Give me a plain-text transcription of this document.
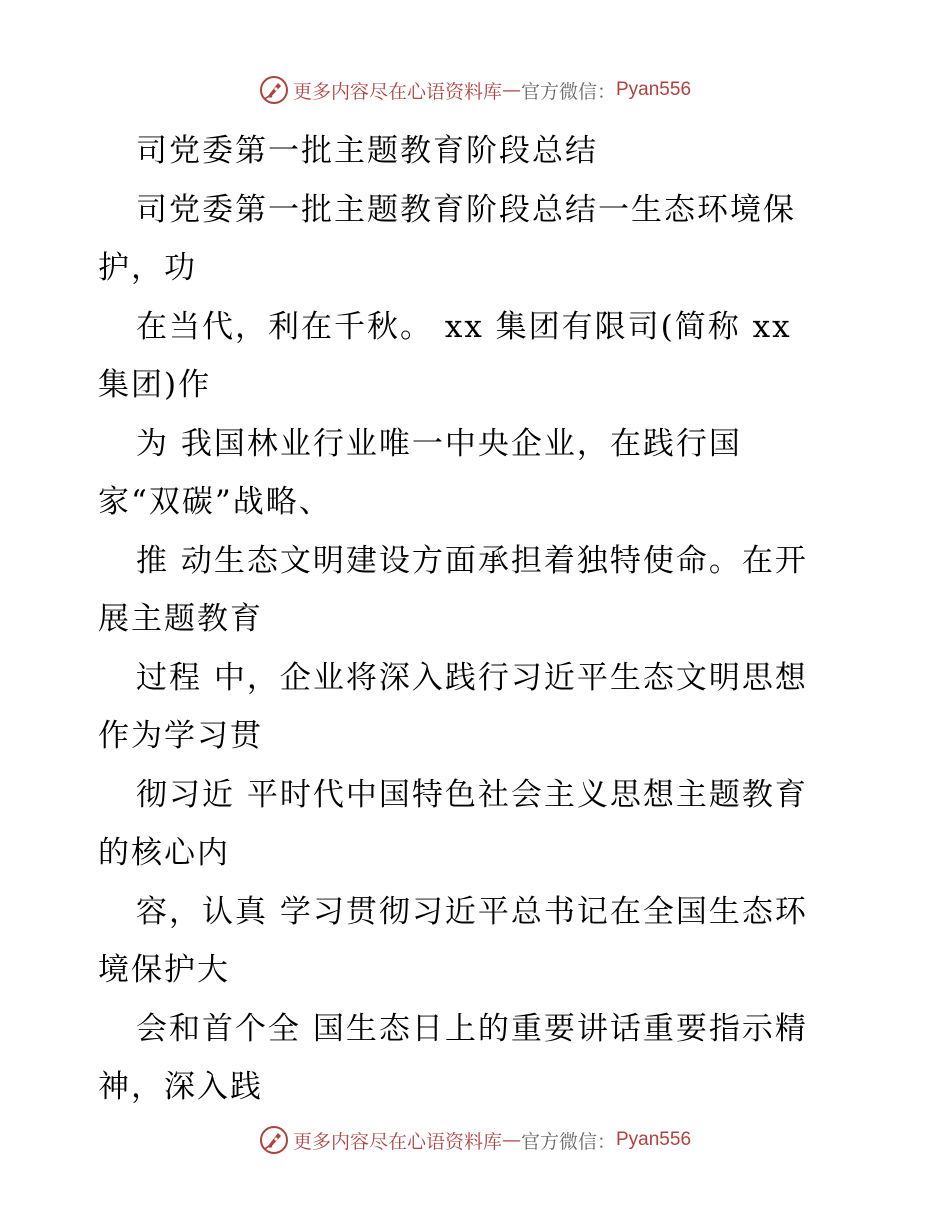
更多内容尽在心语资料库 — 官方微信： Pyan556
司党委第一批主题教育阶段总结
司党委第一批主题教育阶段总结一生态环境保
护，功
在当代，利在千秋。 xx 集团有限司(简称 xx
集团)作
为 我国林业行业唯一中央企业，在践行国
家“双碳”战略、
推 动生态文明建设方面承担着独特使命。在开
展主题教育
过程 中，企业将深入践行习近平生态文明思想
作为学习贯
彻习近 平时代中国特色社会主义思想主题教育
的核心内
容，认真 学习贯彻习近平总书记在全国生态环
境保护大
会和首个全 国生态日上的重要讲话重要指示精
神，深入践
更多内容尽在心语资料库 — 官方微信： Pyan556
